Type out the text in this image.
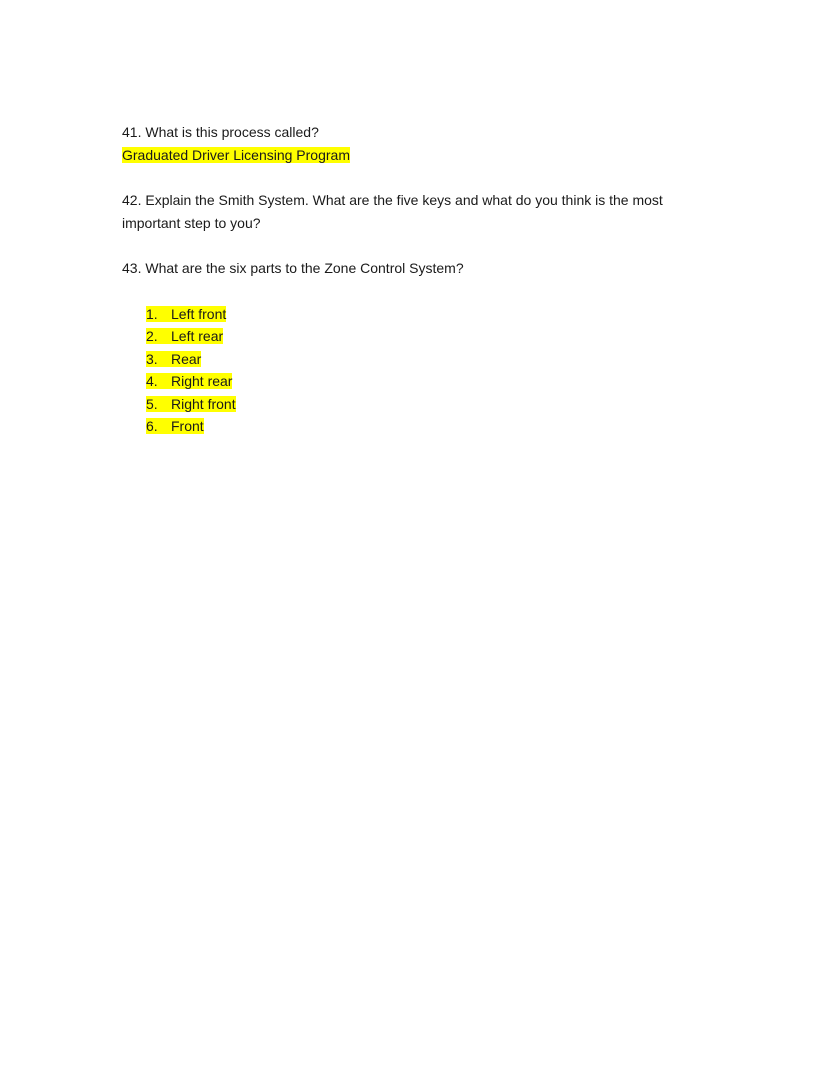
41. What is this process called?
Graduated Driver Licensing Program
42. Explain the Smith System. What are the five keys and what do you think is the most important step to you?
43. What are the six parts to the Zone Control System?
1. Left front
2. Left rear
3. Rear
4. Right rear
5. Right front
6. Front
